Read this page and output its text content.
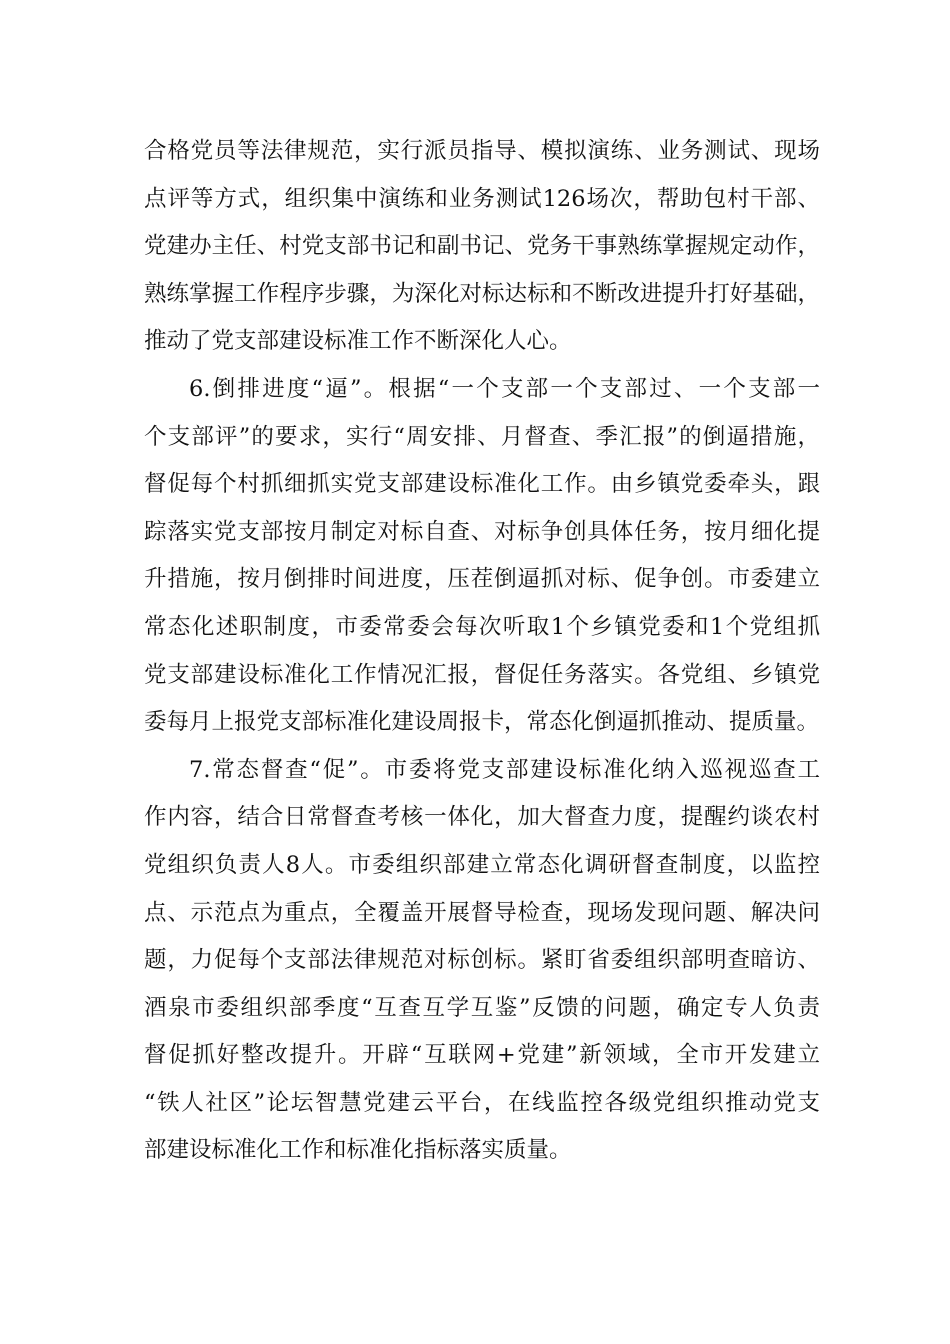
合格党员等法律规范，实行派员指导、模拟演练、业务测试、现场
点评等方式，组织集中演练和业务测试126场次，帮助包村干部、
党建办主任、村党支部书记和副书记、党务干事熟练掌握规定动作，
熟练掌握工作程序步骤，为深化对标达标和不断改进提升打好基础，
推动了党支部建设标准工作不断深化人心。
6.倒排进度“逼”。根据“一个支部一个支部过、一个支部一
个支部评”的要求，实行“周安排、月督查、季汇报”的倒逼措施，
督促每个村抓细抓实党支部建设标准化工作。由乡镇党委牵头，跟
踪落实党支部按月制定对标自查、对标争创具体任务，按月细化提
升措施，按月倒排时间进度，压茬倒逼抓对标、促争创。市委建立
常态化述职制度，市委常委会每次听取1个乡镇党委和1个党组抓
党支部建设标准化工作情况汇报，督促任务落实。各党组、乡镇党
委每月上报党支部标准化建设周报卡，常态化倒逼抓推动、提质量。
7.常态督查“促”。市委将党支部建设标准化纳入巡视巡查工
作内容，结合日常督查考核一体化，加大督查力度，提醒约谈农村
党组织负责人8人。市委组织部建立常态化调研督查制度，以监控
点、示范点为重点，全覆盖开展督导检查，现场发现问题、解决问
题，力促每个支部法律规范对标创标。紧盯省委组织部明查暗访、
酒泉市委组织部季度“互查互学互鉴”反馈的问题，确定专人负责
督促抓好整改提升。开辟“互联网+党建”新领域，全市开发建立
“铁人社区”论坛智慧党建云平台，在线监控各级党组织推动党支
部建设标准化工作和标准化指标落实质量。
